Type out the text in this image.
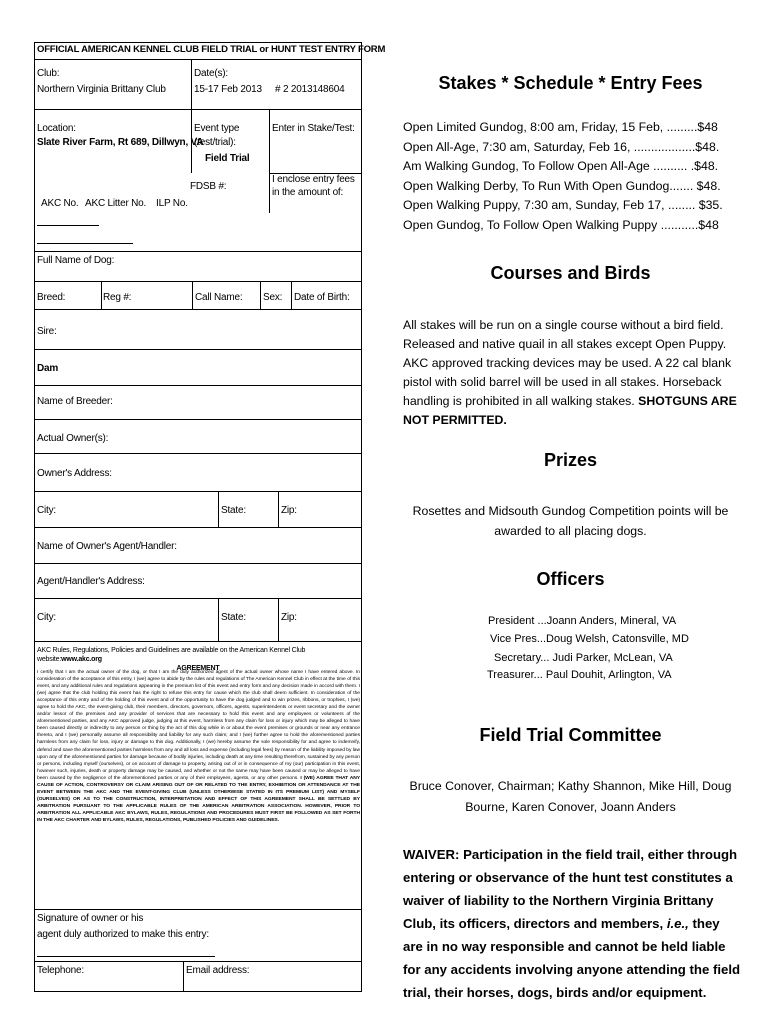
OFFICIAL AMERICAN KENNEL CLUB FIELD TRIAL or HUNT TEST ENTRY FORM
Club:
Northern Virginia Brittany Club
Date(s):
15-17 Feb 2013 # 2 2013148604
Location:
Slate River Farm, Rt 689, Dillwyn, VA
Event type
(test/trial):
Field Trial
Enter in Stake/Test:
FDSB #:
I enclose entry fees
in the amount of:
AKC No. AKC Litter No. ILP No.
Full Name of Dog:
Breed:	Reg #:	Call Name: Sex: Date of Birth:
Sire:
Dam
Name of Breeder:
Actual Owner(s):
Owner's Address:
City:	State:	Zip:
Name of Owner's Agent/Handler:
Agent/Handler's Address:
City:	State:	Zip:
AKC Rules, Regulations, Policies and Guidelines are available on the American Kennel Club website:www.akc.org
AGREEMENT
I certify that I am the actual owner of the dog, or that I am the duly authorized agent of the actual owner whose name I have entered above. In consideration of the acceptance of this entry, I (we) agree to abide by the rules and regulations of The American Kennel Club in effect at the time of this event, and any additional rules and regulations appearing in the premium list of this event and entry form and any decision made in accord with them. I (we) agree that the club holding this event has the right to refuse this entry for cause which the club shall deem sufficient. In consideration of the acceptance of this entry and of the holding of this event and of the opportunity to have the dog judged and to win prizes, ribbons, or trophies, I (we) agree to hold the AKC, the event-giving club, their members, directors, governors, officers, agents, superintendents or event secretary and the owner and/or lessor of the premises and any provider of services that are necessary to hold this event and any employees or volunteers of the aforementioned parties, and any AKC approved judge, judging at this event, harmless from any claim for loss or injury which may be alleged to have been caused directly or indirectly to any person or thing by the act of this dog while in or about the event premises or grounds or near any entrance thereto, and I (we) personally assume all responsibility and liability for any such claim; and I (we) further agree to hold the aforementioned parties harmless from any claim for loss, injury or damage to this dog. Additionally, I (we) hereby assume the sole responsibility for and agree to indemnify, defend and save the aforementioned parties harmless from any and all loss and expense (including legal fees) by reason of the liability imposed by law upon any of the aforementioned parties for damage because of bodily injuries, including death at any time resulting therefrom, sustained by any person or persons, including myself (ourselves), or on account of damage to property, arising out of or in consequence of my (our) participation in this event, however such, injuries, death or property damage may be caused, and whether or not the same may have been caused or may be alleged to have been caused by the negligence of the aforementioned parties or any of their employees, agents, or any other persons. I (WE) AGREE THAT ANY CAUSE OF ACTION, CONTROVERSY OR CLAIM ARISING OUT OF OR RELATED TO THE ENTRY, EXHIBITION OR ATTENDANCE AT THE EVENT BETWEEN THE AKC AND THE EVENT-GIVING CLUB (UNLESS OTHERWISE STATED IN ITS PREMIUM LIST) AND MYSELF (OURSELVES) OR AS TO THE CONSTRUCTION, INTERPRETATION AND EFFECT OF THIS AGREEMENT SHALL BE SETTLED BY ARBITRATION PURSUANT TO THE APPLICABLE RULES OF THE AMERICAN ARBITRATION ASSOCIATION. HOWEVER, PRIOR TO ARBITRATION ALL APPLICABLE AKC BYLAWS, RULES, REGULATIONS AND PROCEDURES MUST FIRST BE FOLLOWED AS SET FORTH IN THE AKC CHARTER AND BYLAWS, RULES, REGULATIONS, PUBLISHED POLICIES AND GUIDELINES.
Signature of owner or his
agent duly authorized to make this entry:
Telephone:	Email address:
Stakes * Schedule * Entry Fees
Open Limited Gundog, 8:00 am, Friday, 15 Feb, .........$48
Open All-Age, 7:30 am, Saturday, Feb 16, ..................$48.
Am Walking Gundog, To Follow Open All-Age .......... .$48.
Open Walking Derby, To Run With Open Gundog....... $48.
Open Walking Puppy, 7:30 am, Sunday, Feb 17, ........ $35.
Open Gundog, To Follow Open Walking Puppy ...........$48
Courses and Birds
All stakes will be run on a single course without a bird field. Released and native quail in all stakes except Open Puppy. AKC approved tracking devices may be used. A 22 cal blank pistol with solid barrel will be used in all stakes. Horseback handling is prohibited in all walking stakes. SHOTGUNS ARE NOT PERMITTED.
Prizes
Rosettes and Midsouth Gundog Competition points will be
awarded to all placing dogs.
Officers
President ...Joann Anders, Mineral, VA
Vice Pres...Doug Welsh, Catonsville, MD
Secretary... Judi Parker, McLean, VA
Treasurer... Paul Douhit, Arlington, VA
Field Trial Committee
Bruce Conover, Chairman; Kathy Shannon, Mike Hill, Doug
Bourne, Karen Conover, Joann Anders
WAIVER: Participation in the field trail, either through entering or observance of the hunt test constitutes a waiver of liability to the Northern Virginia Brittany Club, its officers, directors and members, i.e., they are in no way responsible and cannot be held liable for any accidents involving anyone attending the field trial, their horses, dogs, birds and/or equipment.
